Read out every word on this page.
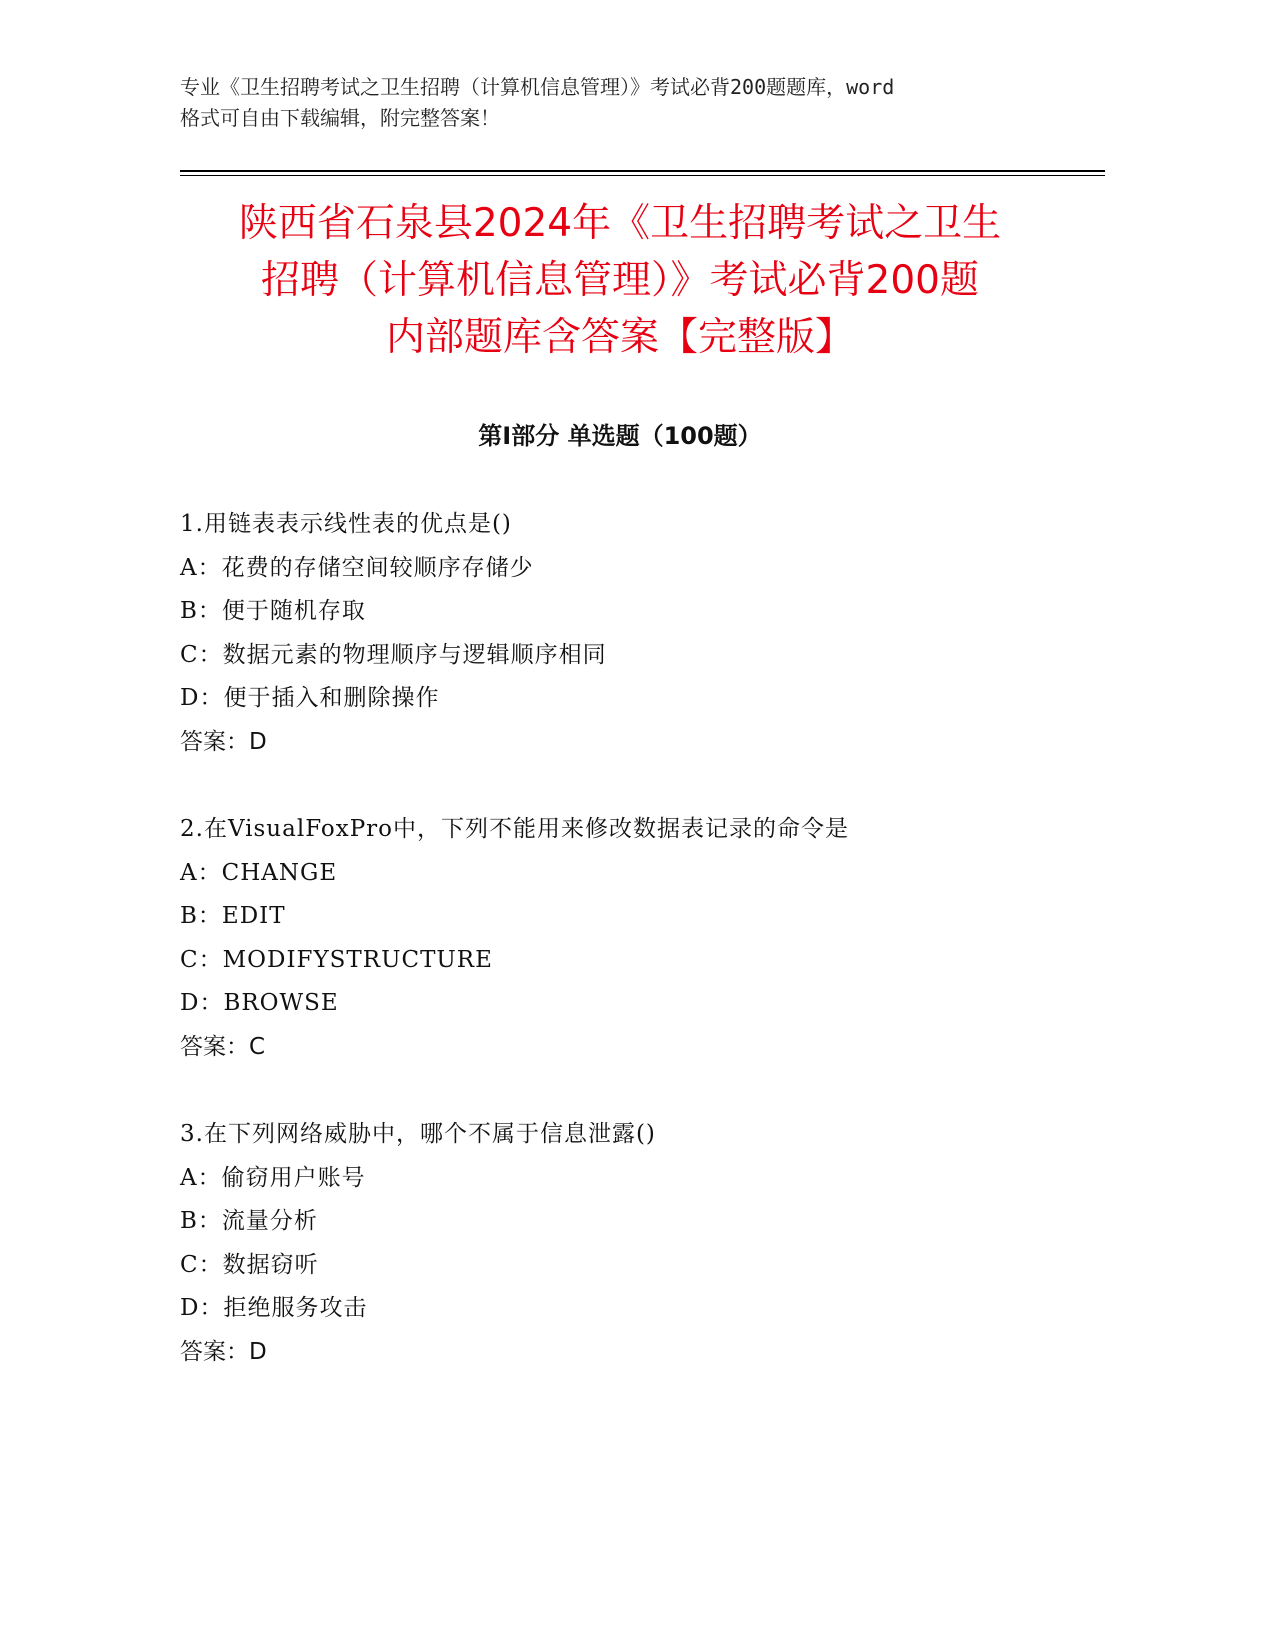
专业《卫生招聘考试之卫生招聘（计算机信息管理）》考试必背200题题库，word
格式可自由下载编辑，附完整答案！
陕西省石泉县2024年《卫生招聘考试之卫生
招聘（计算机信息管理）》考试必背200题
内部题库含答案【完整版】
第Ⅰ部分 单选题（100题）
1.用链表表示线性表的优点是()
A：花费的存储空间较顺序存储少
B：便于随机存取
C：数据元素的物理顺序与逻辑顺序相同
D：便于插入和删除操作
答案：D
2.在VisualFoxPro中，下列不能用来修改数据表记录的命令是
A：CHANGE
B：EDIT
C：MODIFYSTRUCTURE
D：BROWSE
答案：C
3.在下列网络威胁中，哪个不属于信息泄露()
A：偷窃用户账号
B：流量分析
C：数据窃听
D：拒绝服务攻击
答案：D
